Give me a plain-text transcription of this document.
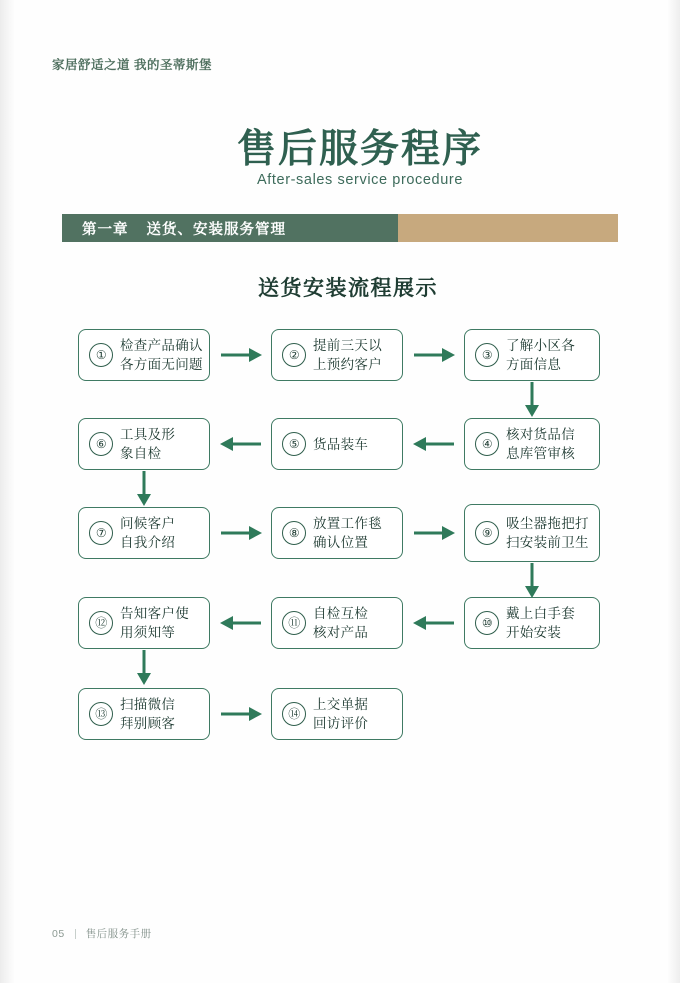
家居舒适之道 我的圣蒂斯堡
售后服务程序
After-sales service procedure
第一章 送货、安装服务管理
送货安装流程展示
①
检查产品确认
各方面无问题
②
提前三天以
上预约客户
③
了解小区各
方面信息
④
核对货品信
息库管审核
⑤	货品装车
⑥
工具及形
象自检
⑦
问候客户
自我介绍
⑧
放置工作毯
确认位置
⑨
吸尘器拖把打
扫安装前卫生
⑩
戴上白手套
开始安装
⑪
自检互检
核对产品
⑫
告知客户使
用须知等
⑬
扫描微信
拜别顾客
⑭
上交单据
回访评价
05 售后服务手册
